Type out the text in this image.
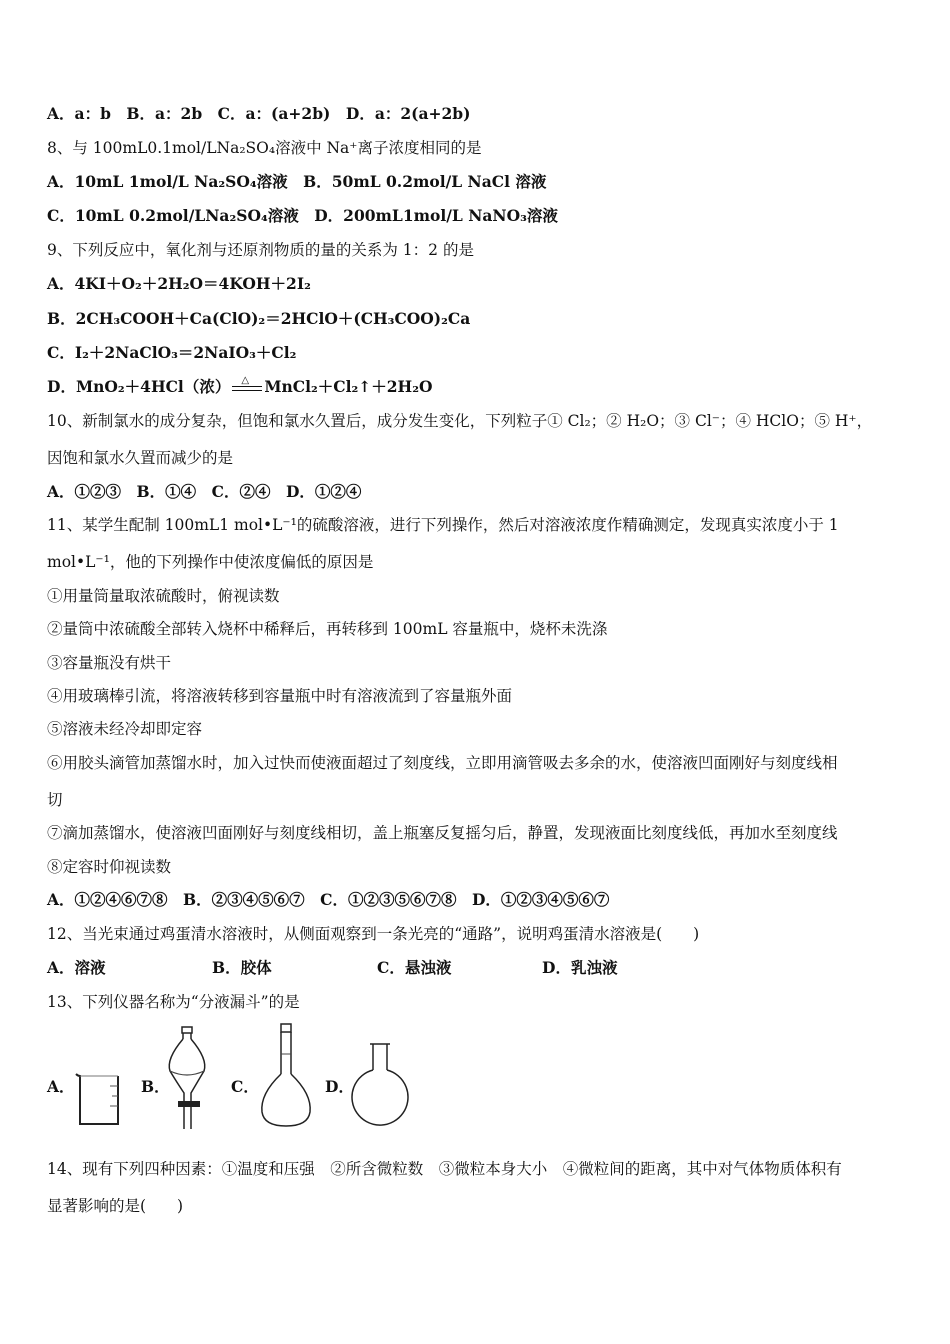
A．a：b　B．a：2b　C．a：(a+2b)　D．a：2(a+2b)
8、与 100mL0.1mol/LNa₂SO₄溶液中 Na⁺离子浓度相同的是
A．10mL 1mol/L Na₂SO₄溶液　B．50mL 0.2mol/L NaCl 溶液
C．10mL 0.2mol/LNa₂SO₄溶液　D．200mL1mol/L NaNO₃溶液
9、下列反应中，氧化剂与还原剂物质的量的关系为 1：2 的是
A．4KI＋O₂＋2H₂O＝4KOH＋2I₂
B．2CH₃COOH＋Ca(ClO)₂＝2HClO＋(CH₃COO)₂Ca
C．I₂＋2NaClO₃＝2NaIO₃＋Cl₂
D．MnO₂＋4HCl（浓） △ MnCl₂＋Cl₂↑＋2H₂O
10、新制氯水的成分复杂，但饱和氯水久置后，成分发生变化，下列粒子① Cl₂；② H₂O；③ Cl⁻；④ HClO；⑤ H⁺，
因饱和氯水久置而减少的是
A．①②③　B．①④　C．②④　D．①②④
11、某学生配制 100mL1 mol•L⁻¹的硫酸溶液，进行下列操作，然后对溶液浓度作精确测定，发现真实浓度小于 1
mol•L⁻¹，他的下列操作中使浓度偏低的原因是
①用量筒量取浓硫酸时，俯视读数
②量筒中浓硫酸全部转入烧杯中稀释后，再转移到 100mL 容量瓶中，烧杯未洗涤
③容量瓶没有烘干
④用玻璃棒引流，将溶液转移到容量瓶中时有溶液流到了容量瓶外面
⑤溶液未经冷却即定容
⑥用胶头滴管加蒸馏水时，加入过快而使液面超过了刻度线，立即用滴管吸去多余的水，使溶液凹面刚好与刻度线相
切
⑦滴加蒸馏水，使溶液凹面刚好与刻度线相切，盖上瓶塞反复摇匀后，静置，发现液面比刻度线低，再加水至刻度线
⑧定容时仰视读数
A．①②④⑥⑦⑧　B．②③④⑤⑥⑦　C．①②③⑤⑥⑦⑧　D．①②③④⑤⑥⑦
12、当光束通过鸡蛋清水溶液时，从侧面观察到一条光亮的“通路”，说明鸡蛋清水溶液是(　　)
A．溶液	B．胶体	C．悬浊液	D．乳浊液
13、下列仪器名称为“分液漏斗”的是
A．	B．	C．	D．
14、现有下列四种因素：①温度和压强　②所含微粒数　③微粒本身大小　④微粒间的距离，其中对气体物质体积有
显著影响的是(　　)
